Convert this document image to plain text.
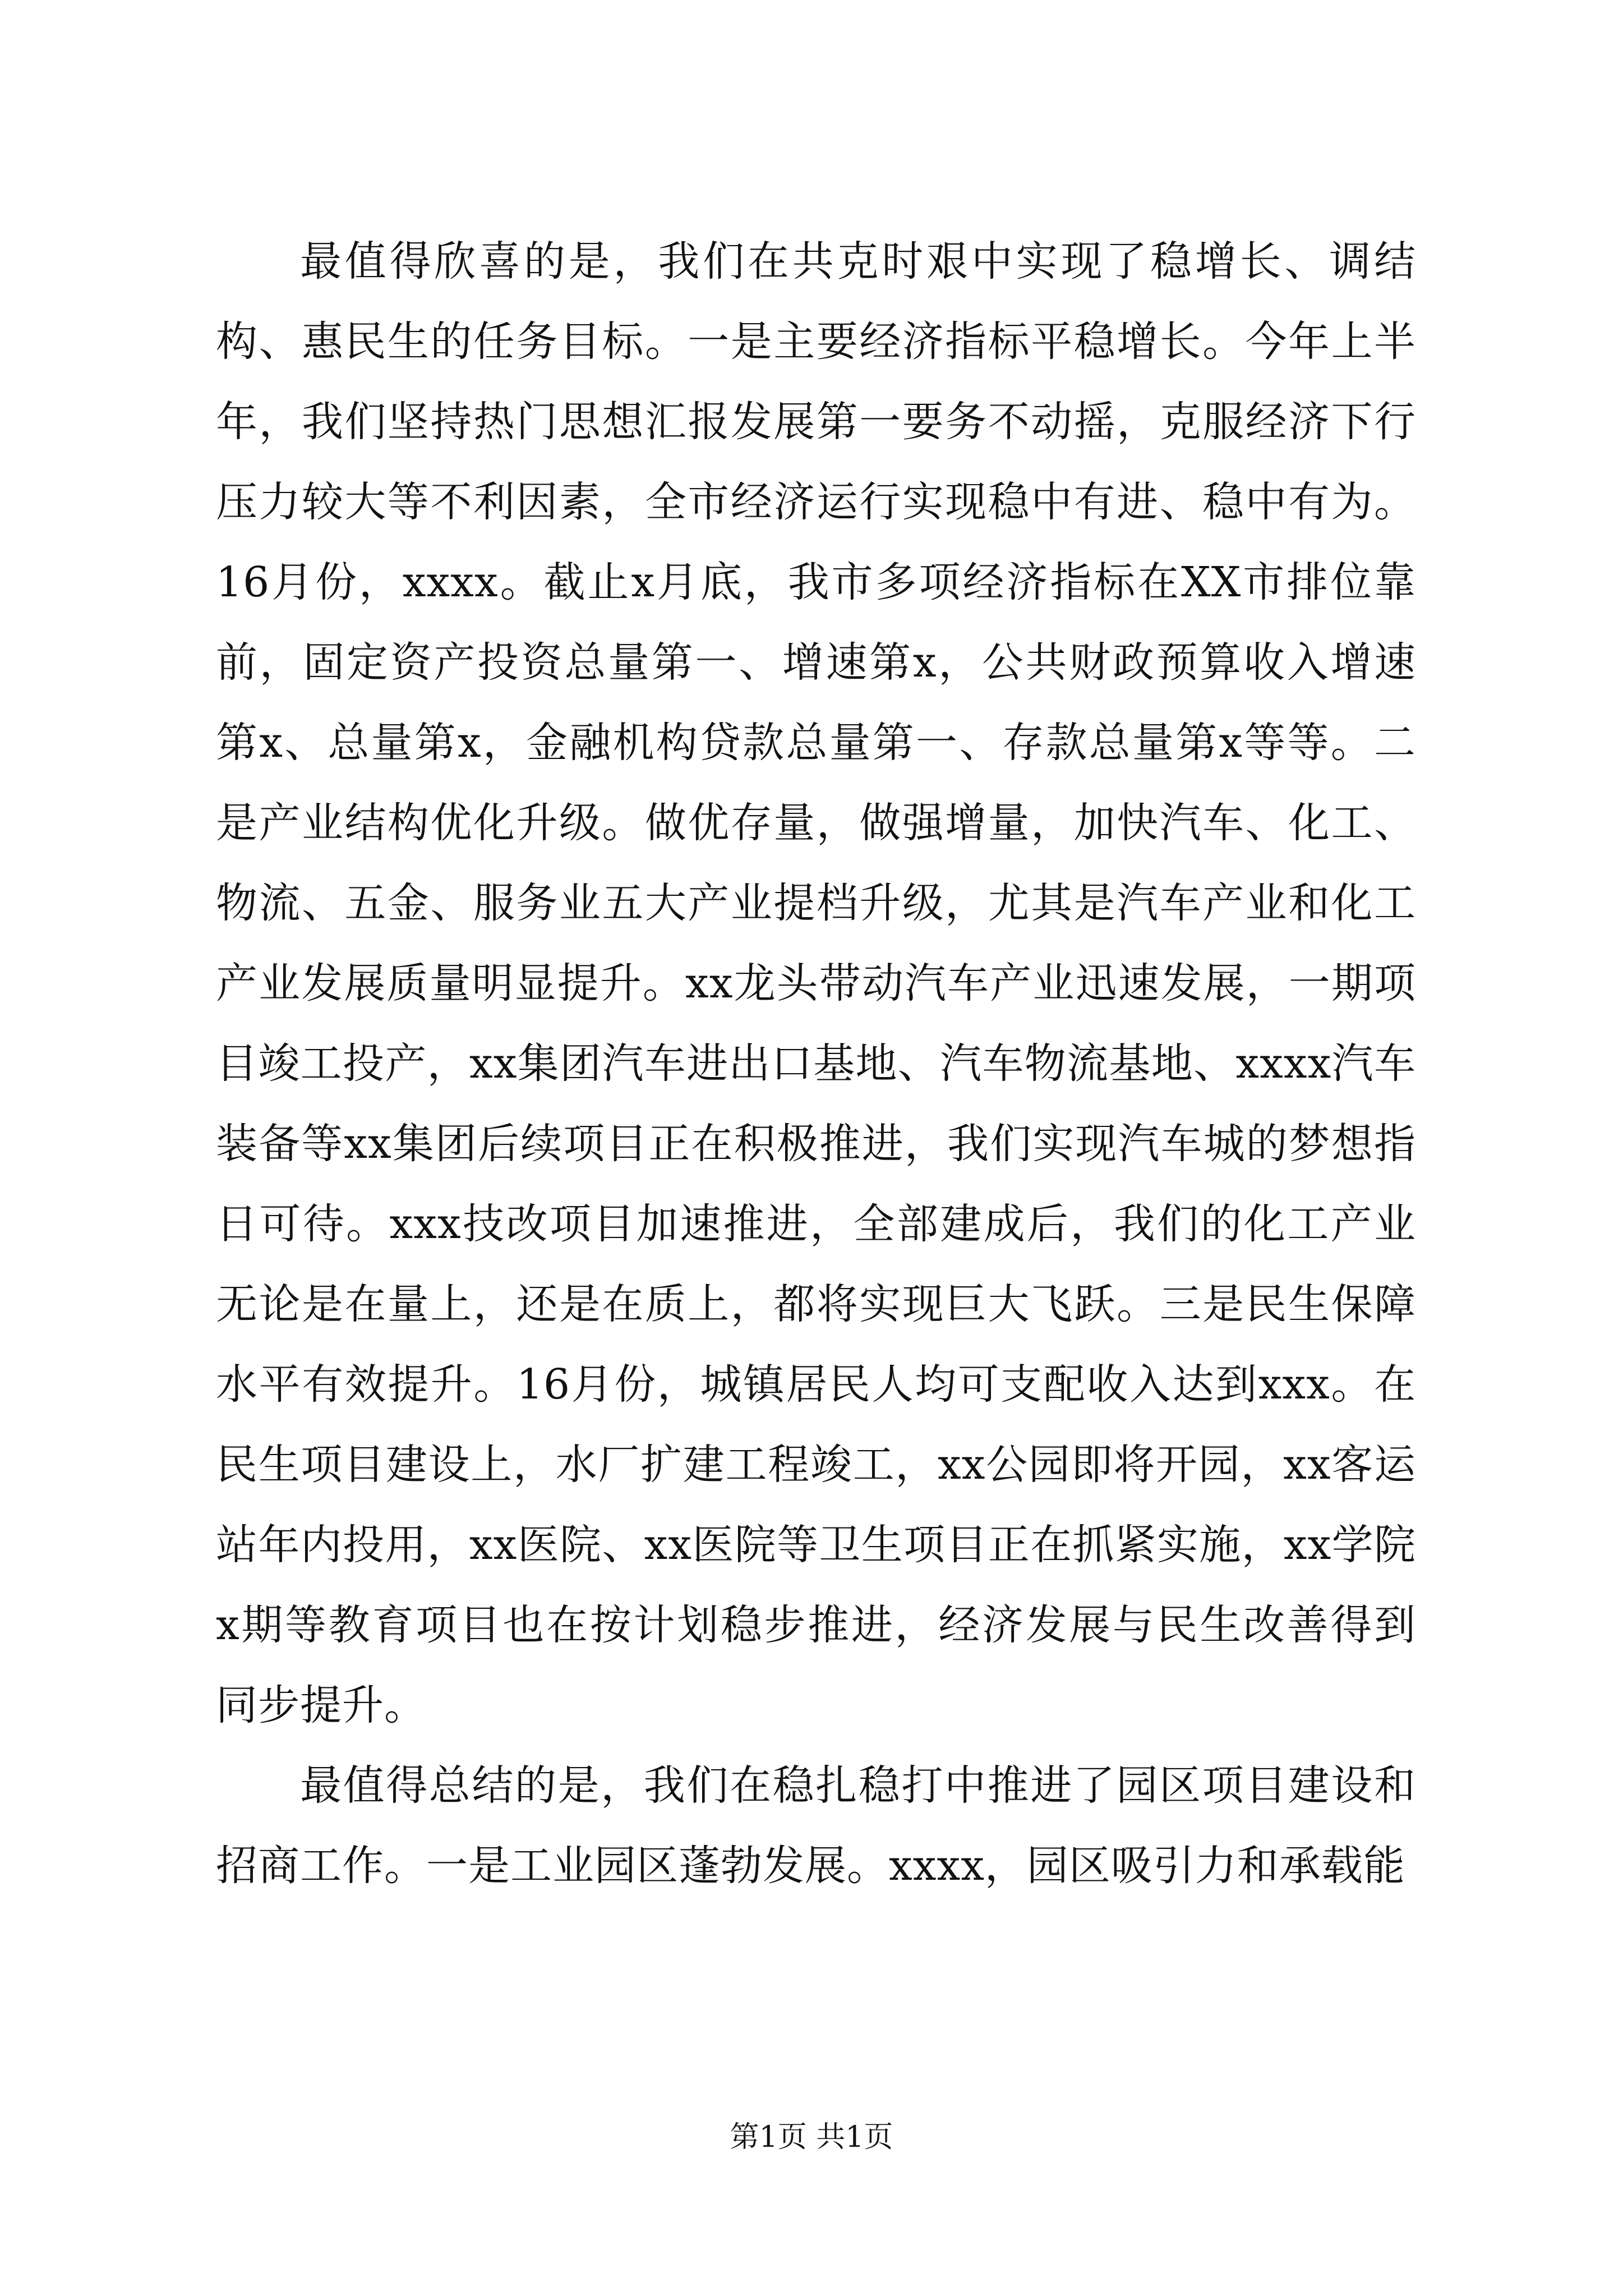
最值得欣喜的是，我们在共克时艰中实现了稳增长、调结构、惠民生的任务目标。一是主要经济指标平稳增长。今年上半年，我们坚持热门思想汇报发展第一要务不动摇，克服经济下行压力较大等不利因素，全市经济运行实现稳中有进、稳中有为。16月份，xxxx。截止x月底，我市多项经济指标在XX市排位靠前，固定资产投资总量第一、增速第x，公共财政预算收入增速第x、总量第x，金融机构贷款总量第一、存款总量第x等等。二是产业结构优化升级。做优存量，做强增量，加快汽车、化工、物流、五金、服务业五大产业提档升级，尤其是汽车产业和化工产业发展质量明显提升。xx龙头带动汽车产业迅速发展，一期项目竣工投产，xx集团汽车进出口基地、汽车物流基地、xxxx汽车装备等xx集团后续项目正在积极推进，我们实现汽车城的梦想指日可待。xxx技改项目加速推进，全部建成后，我们的化工产业无论是在量上，还是在质上，都将实现巨大飞跃。三是民生保障水平有效提升。16月份，城镇居民人均可支配收入达到xxx。在民生项目建设上，水厂扩建工程竣工，xx公园即将开园，xx客运站年内投用，xx医院、xx医院等卫生项目正在抓紧实施，xx学院x期等教育项目也在按计划稳步推进，经济发展与民生改善得到同步提升。

最值得总结的是，我们在稳扎稳打中推进了园区项目建设和招商工作。一是工业园区蓬勃发展。xxxx，园区吸引力和承载能

第1页 共1页
